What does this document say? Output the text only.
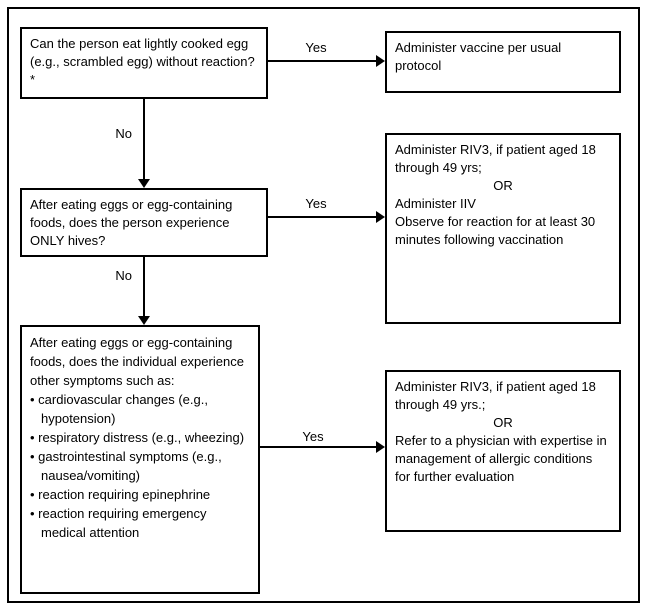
Can the person eat lightly cooked egg (e.g., scrambled egg) without reaction?*

Administer vaccine per usual protocol

Yes
No

After eating eggs or egg-containing foods, does the person experience ONLY hives?

Administer RIV3, if patient aged 18 through 49 yrs;

OR

Administer IIV

Observe for reaction for at least 30 minutes following vaccination

Yes
No

After eating eggs or egg-containing foods, does the individual experience other symptoms such as:

• cardiovascular changes (e.g., hypotension)

• respiratory distress (e.g., wheezing)

• gastrointestinal symptoms (e.g., nausea/vomiting)

• reaction requiring epinephrine

• reaction requiring emergency medical attention

Administer RIV3, if patient aged 18 through 49 yrs.;

OR

Refer to a physician with expertise in management of allergic conditions for further evaluation

Yes
